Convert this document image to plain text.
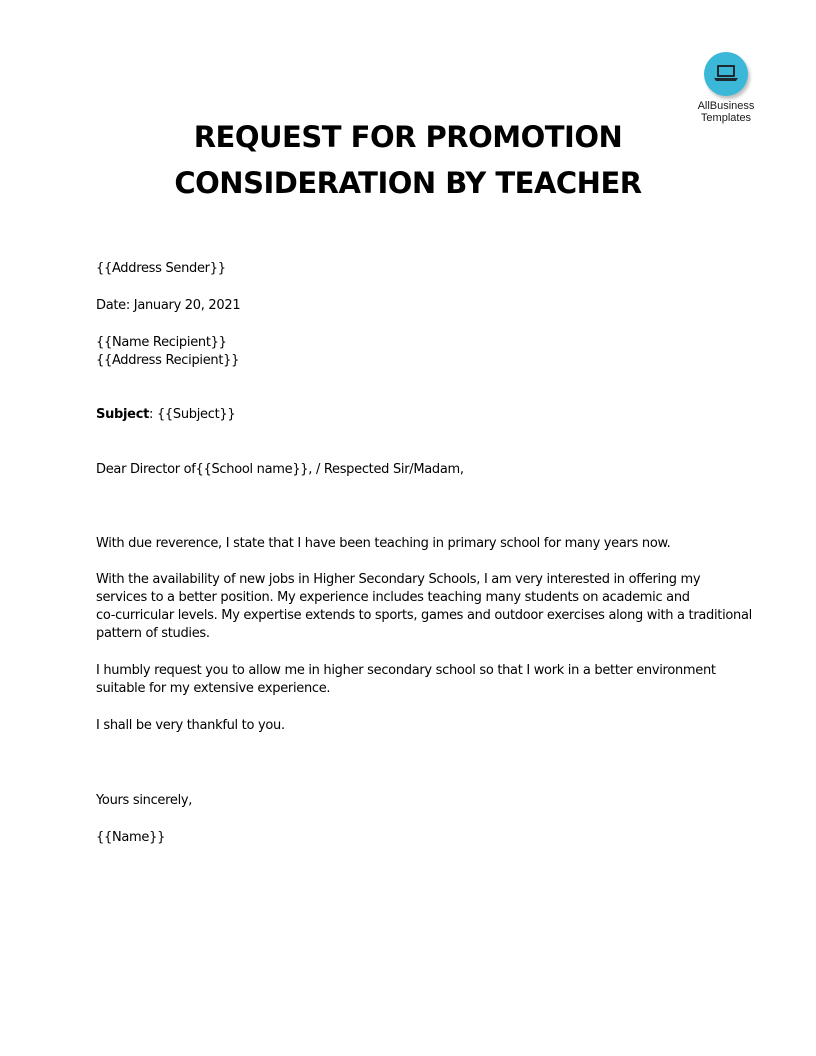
AllBusiness
Templates
REQUEST FOR PROMOTION
CONSIDERATION BY TEACHER
{{Address Sender}}
Date: January 20, 2021
{{Name Recipient}}
{{Address Recipient}}
Subject: {{Subject}}
Dear Director of{{School name}}, / Respected Sir/Madam,
With due reverence, I state that I have been teaching in primary school for many years now.
With the availability of new jobs in Higher Secondary Schools, I am very interested in offering my
services to a better position. My experience includes teaching many students on academic and
co-curricular levels. My expertise extends to sports, games and outdoor exercises along with a traditional
pattern of studies.
I humbly request you to allow me in higher secondary school so that I work in a better environment
suitable for my extensive experience.
I shall be very thankful to you.
Yours sincerely,
{{Name}}
